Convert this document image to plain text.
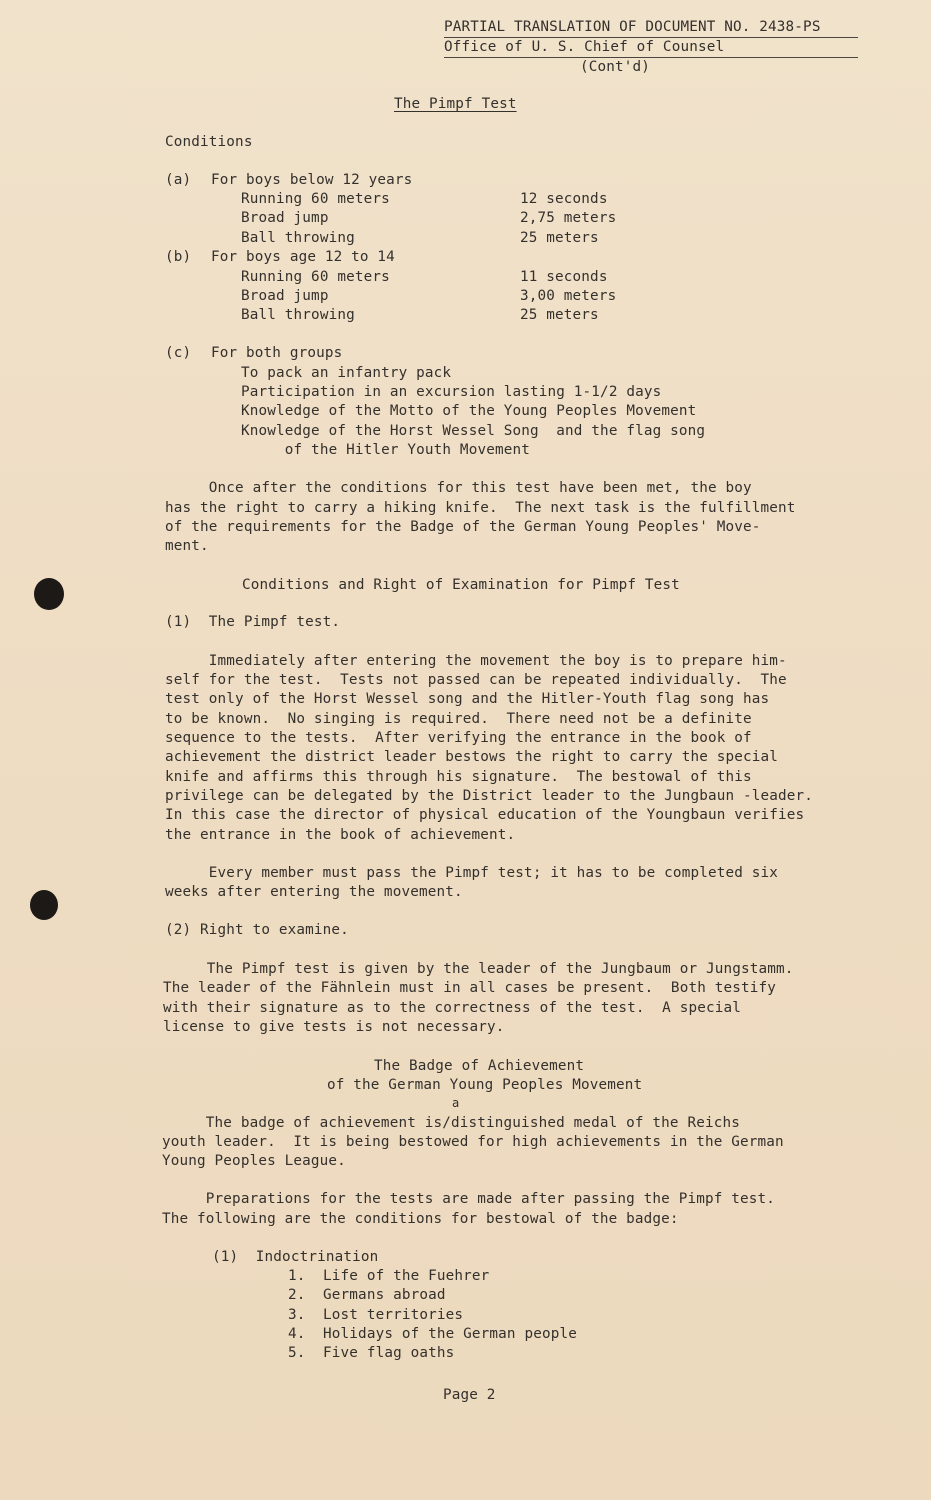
PARTIAL TRANSLATION OF DOCUMENT NO. 2438-PS
Office of U. S. Chief of Counsel
(Cont'd)
The Pimpf Test
Conditions
(a) For boys below 12 years
Running 60 meters	12 seconds
Broad jump	2,75 meters
Ball throwing	25 meters
(b) For boys age 12 to 14
Running 60 meters	11 seconds
Broad jump	3,00 meters
Ball throwing	25 meters
(c) For both groups
To pack an infantry pack
Participation in an excursion lasting 1-1/2 days
Knowledge of the Motto of the Young Peoples Movement
Knowledge of the Horst Wessel Song  and the flag song
of the Hitler Youth Movement
Once after the conditions for this test have been met, the boy
has the right to carry a hiking knife.  The next task is the fulfillment
of the requirements for the Badge of the German Young Peoples' Move-
ment.
Conditions and Right of Examination for Pimpf Test
(1)  The Pimpf test.
Immediately after entering the movement the boy is to prepare him-
self for the test.  Tests not passed can be repeated individually.  The
test only of the Horst Wessel song and the Hitler-Youth flag song has
to be known.  No singing is required.  There need not be a definite
sequence to the tests.  After verifying the entrance in the book of
achievement the district leader bestows the right to carry the special
knife and affirms this through his signature.  The bestowal of this
privilege can be delegated by the District leader to the Jungbaun -leader.
In this case the director of physical education of the Youngbaun verifies
the entrance in the book of achievement.
Every member must pass the Pimpf test; it has to be completed six
weeks after entering the movement.
(2) Right to examine.
The Pimpf test is given by the leader of the Jungbaum or Jungstamm.
The leader of the Fähnlein must in all cases be present.  Both testify
with their signature as to the correctness of the test.  A special
license to give tests is not necessary.
The Badge of Achievement
of the German Young Peoples Movement
a
The badge of achievement is/distinguished medal of the Reichs
youth leader.  It is being bestowed for high achievements in the German
Young Peoples League.
Preparations for the tests are made after passing the Pimpf test.
The following are the conditions for bestowal of the badge:
(1)  Indoctrination
1.  Life of the Fuehrer
2.  Germans abroad
3.  Lost territories
4.  Holidays of the German people
5.  Five flag oaths
Page 2
